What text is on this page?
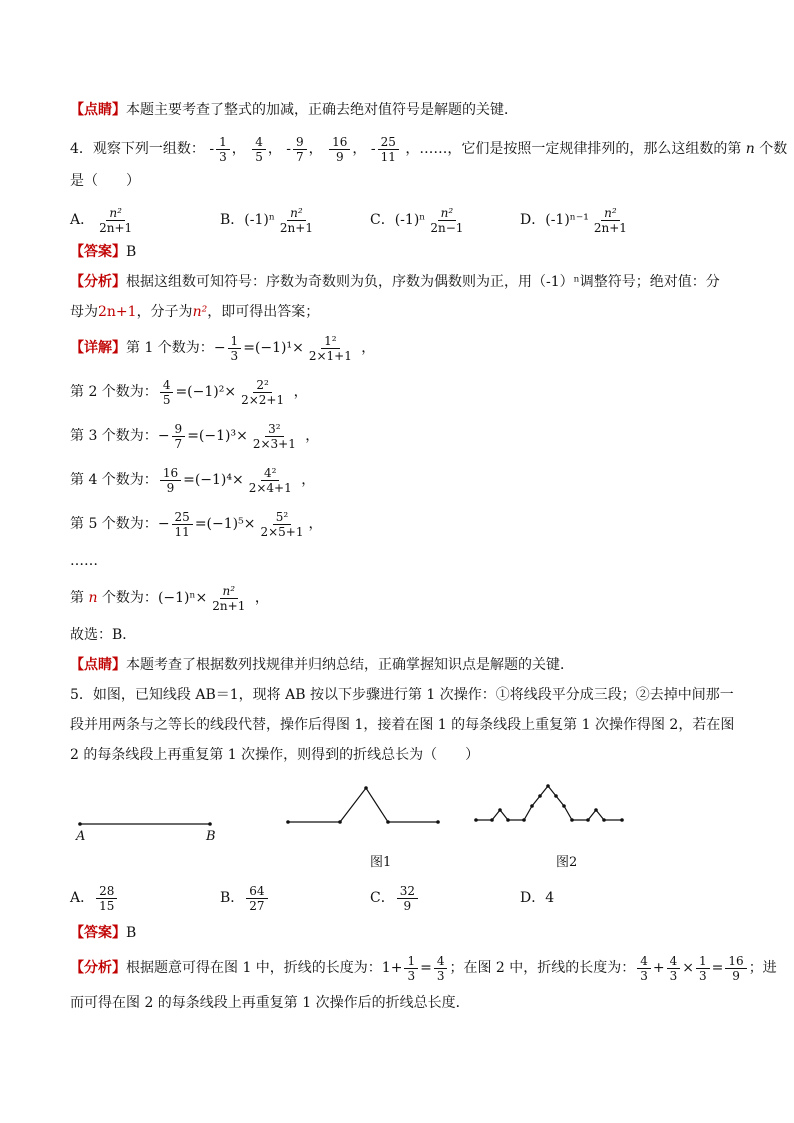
【点睛】本题主要考查了整式的加减，正确去绝对值符号是解题的关键．
4．观察下列一组数： - $\frac{1}{3}$ ， $\frac{4}{5}$ ， - $\frac{9}{7}$ ， $\frac{16}{9}$ ， - $\frac{25}{11}$ ，……，它们是按照一定规律排列的，那么这组数的第 n 个数
是（　　）
A． $\frac{\text{n²}}{2n+1}$	B．$(-1)^n \frac{\text{n²}}{2n+1}$	C．$(-1)^n \frac{\text{n²}}{2n-1}$	D．$(-1)^{n-1} \frac{\text{n²}}{2n+1}$
【答案】B
【分析】根据这组数可知符号：序数为奇数则为负，序数为偶数则为正，用（-1）ⁿ调整符号；绝对值：分
母为2n+1，分子为n²，即可得出答案；
【详解】第 1 个数为：− $\frac{1}{3} =(-1)^1\times \frac{\text{1²}}{2\times 1+1}$ ，
第 2 个数为： $\frac{4}{5} =(-1)^2\times \frac{\text{2²}}{2\times 2+1}$ ，
第 3 个数为：− $\frac{9}{7} =(-1)^3\times \frac{\text{3²}}{2\times 3+1}$ ，
第 4 个数为： $\frac{16}{9} =(-1)^4\times \frac{\text{4²}}{2\times 4+1}$ ，
第 5 个数为：− $\frac{25}{11} =(-1)^5\times \frac{\text{5²}}{2\times 5+1}$ ，
……
第 n 个数为：$(-1)^n\times \frac{\text{n²}}{2n+1}$ ，
故选：B．
【点睛】本题考查了根据数列找规律并归纳总结，正确掌握知识点是解题的关键．
5．如图，已知线段 AB＝1，现将 AB 按以下步骤进行第 1 次操作：①将线段平分成三段；②去掉中间那一
段并用两条与之等长的线段代替，操作后得图 1，接着在图 1 的每条线段上重复第 1 次操作得图 2，若在图
2 的每条线段上再重复第 1 次操作，则得到的折线总长为（　　）
A	B
图1	图2
A． $\frac{28}{15}$	B． $\frac{64}{27}$	C． $\frac{32}{9}$	D．4
【答案】B
【分析】根据题意可得在图 1 中，折线的长度为：$1+ \frac{1}{3} = \frac{4}{3}$ ；在图 2 中，折线的长度为： $\frac{4}{3} + \frac{4}{3} \times \frac{1}{3} = \frac{16}{9}$ ；进
而可得在图 2 的每条线段上再重复第 1 次操作后的折线总长度．
